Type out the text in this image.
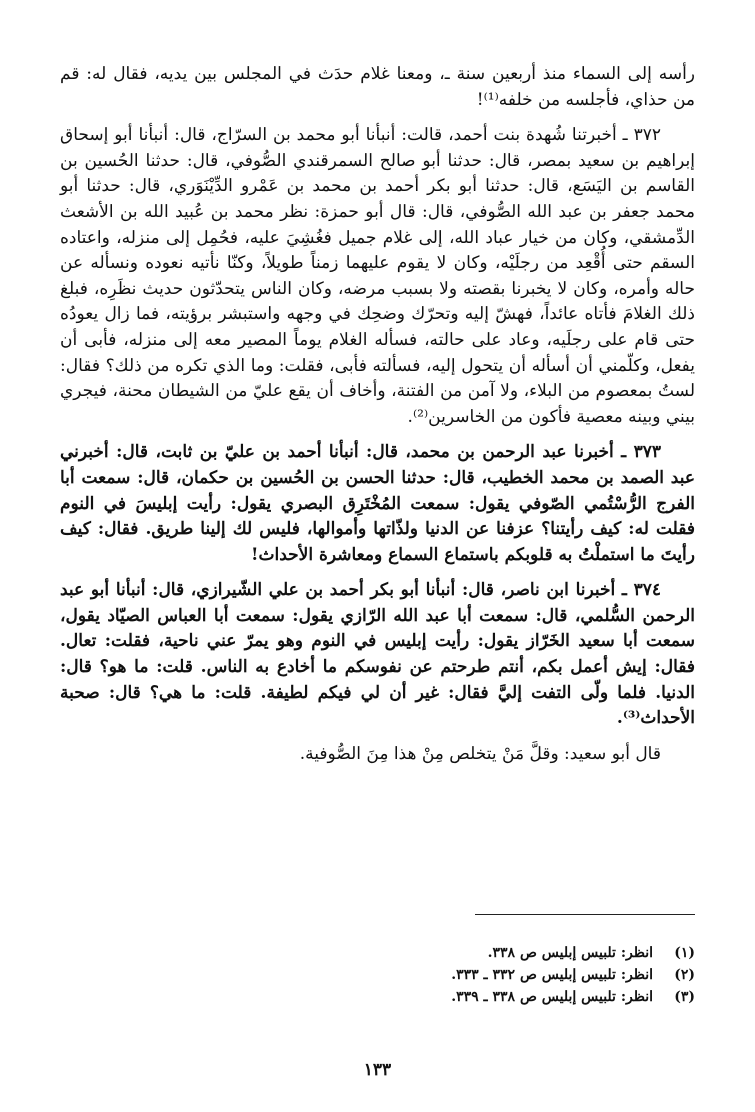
رأسه إلى السماء منذ أربعين سنة ـ، ومعنا غلام حدَث في المجلس بين يديه، فقال له: قم من حذاي، فأجلسه من خلفه⁽¹⁾!

٣٧٢ ـ أخبرتنا شُهدة بنت أحمد، قالت: أنبأنا أبو محمد بن السرّاج، قال: أنبأنا أبو إسحاق إبراهيم بن سعيد بمصر، قال: حدثنا أبو صالح السمرقندي الصُّوفي، قال: حدثنا الحُسين بن القاسم بن اليَسَع، قال: حدثنا أبو بكر أحمد بن محمد بن عَمْرو الدِّيْنَوَري، قال: حدثنا أبو محمد جعفر بن عبد الله الصُّوفي، قال: قال أبو حمزة: نظر محمد بن عُبيد الله بن الأشعث الدِّمشقي، وكان من خيار عباد الله، إلى غلام جميل فغُشِيَ عليه، فحُمِل إلى منزله، واعتاده السقم حتى أُقْعِد من رجلَيْه، وكان لا يقوم عليهما زمناً طويلاً، وكنّا نأتيه نعوده ونسأله عن حاله وأمره، وكان لا يخبرنا بقصته ولا بسبب مرضه، وكان الناس يتحدّثون حديث نظَرِه، فبلغ ذلك الغلامَ فأتاه عائداً، فهشّ إليه وتحرّك وضحِك في وجهه واستبشر برؤيته، فما زال يعودُه حتى قام على رجلَيه، وعاد على حالته، فسأله الغلام يوماً المصير معه إلى منزله، فأبى أن يفعل، وكلّمني أن أسأله أن يتحول إليه، فسألته فأبى، فقلت: وما الذي تكره من ذلك؟ فقال: لستُ بمعصوم من البلاء، ولا آمن من الفتنة، وأخاف أن يقع عليّ من الشيطان محنة، فيجري بيني وبينه معصية فأكون من الخاسرين⁽²⁾.

٣٧٣ ـ أخبرنا عبد الرحمن بن محمد، قال: أنبأنا أحمد بن عليّ بن ثابت، قال: أخبرني عبد الصمد بن محمد الخطيب، قال: حدثنا الحسن بن الحُسين بن حكمان، قال: سمعت أبا الفرج الرُّسْتُمي الصّوفي يقول: سمعت المُخْتَرِق البصري يقول: رأيت إبليسَ في النوم فقلت له: كيف رأيتنا؟ عزفنا عن الدنيا ولذّاتها وأموالها، فليس لك إلينا طريق. فقال: كيف رأيتَ ما استملْتُ به قلوبكم باستماع السماع ومعاشرة الأحداث!

٣٧٤ ـ أخبرنا ابن ناصر، قال: أنبأنا أبو بكر أحمد بن علي الشّيرازي، قال: أنبأنا أبو عبد الرحمن السُّلمي، قال: سمعت أبا عبد الله الرّازي يقول: سمعت أبا العباس الصيّاد يقول، سمعت أبا سعيد الخَرّاز يقول: رأيت إبليس في النوم وهو يمرّ عني ناحية، فقلت: تعال. فقال: إيش أعمل بكم، أنتم طرحتم عن نفوسكم ما أخادع به الناس. قلت: ما هو؟ قال: الدنيا. فلما ولّى التفت إليَّ فقال: غير أن لي فيكم لطيفة. قلت: ما هي؟ قال: صحبة الأحداث⁽³⁾.

قال أبو سعيد: وقلَّ مَنْ يتخلص مِنْ هذا مِنَ الصُّوفية.

(١)
انظر: تلبيس إبليس ص ٣٣٨.
(٢)
انظر: تلبيس إبليس ص ٣٣٢ ـ ٣٣٣.
(٣)
انظر: تلبيس إبليس ص ٣٣٨ ـ ٣٣٩.
١٣٣
